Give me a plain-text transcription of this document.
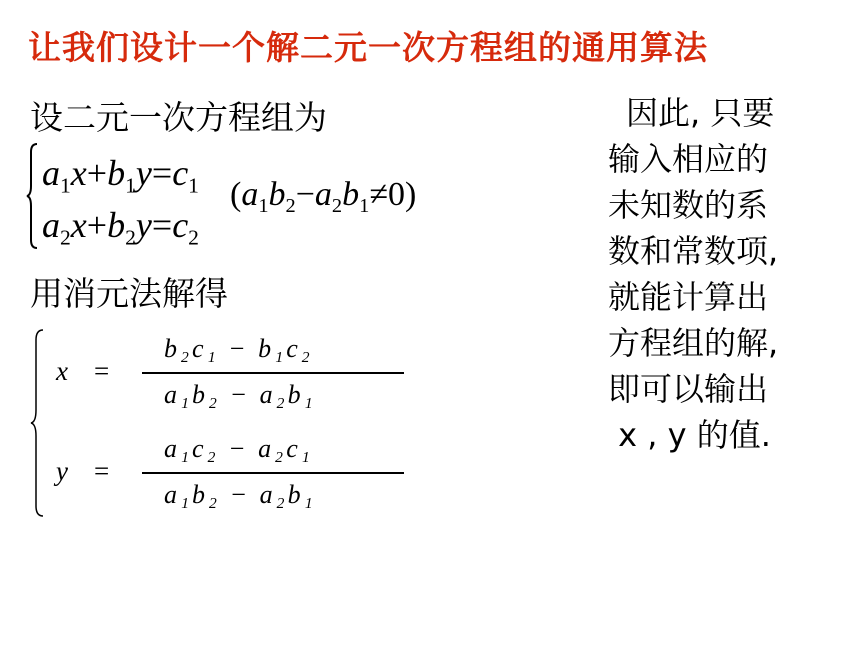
让我们设计一个解二元一次方程组的通用算法
设二元一次方程组为
$a_1x+b_1y=c_1$
$a_2x+b_2y=c_2$
$(a_1b_2-a_2b_1\ne 0)$
用消元法解得
x =
b₂c₁ − b₁c₂
a₁b₂ − a₂b₁
y =
a₁c₂ − a₂c₁
a₁b₂ − a₂b₁
因此, 只要
输入相应的
未知数的系
数和常数项,
就能计算出
方程组的解,
即可以输出
x , y 的值.
